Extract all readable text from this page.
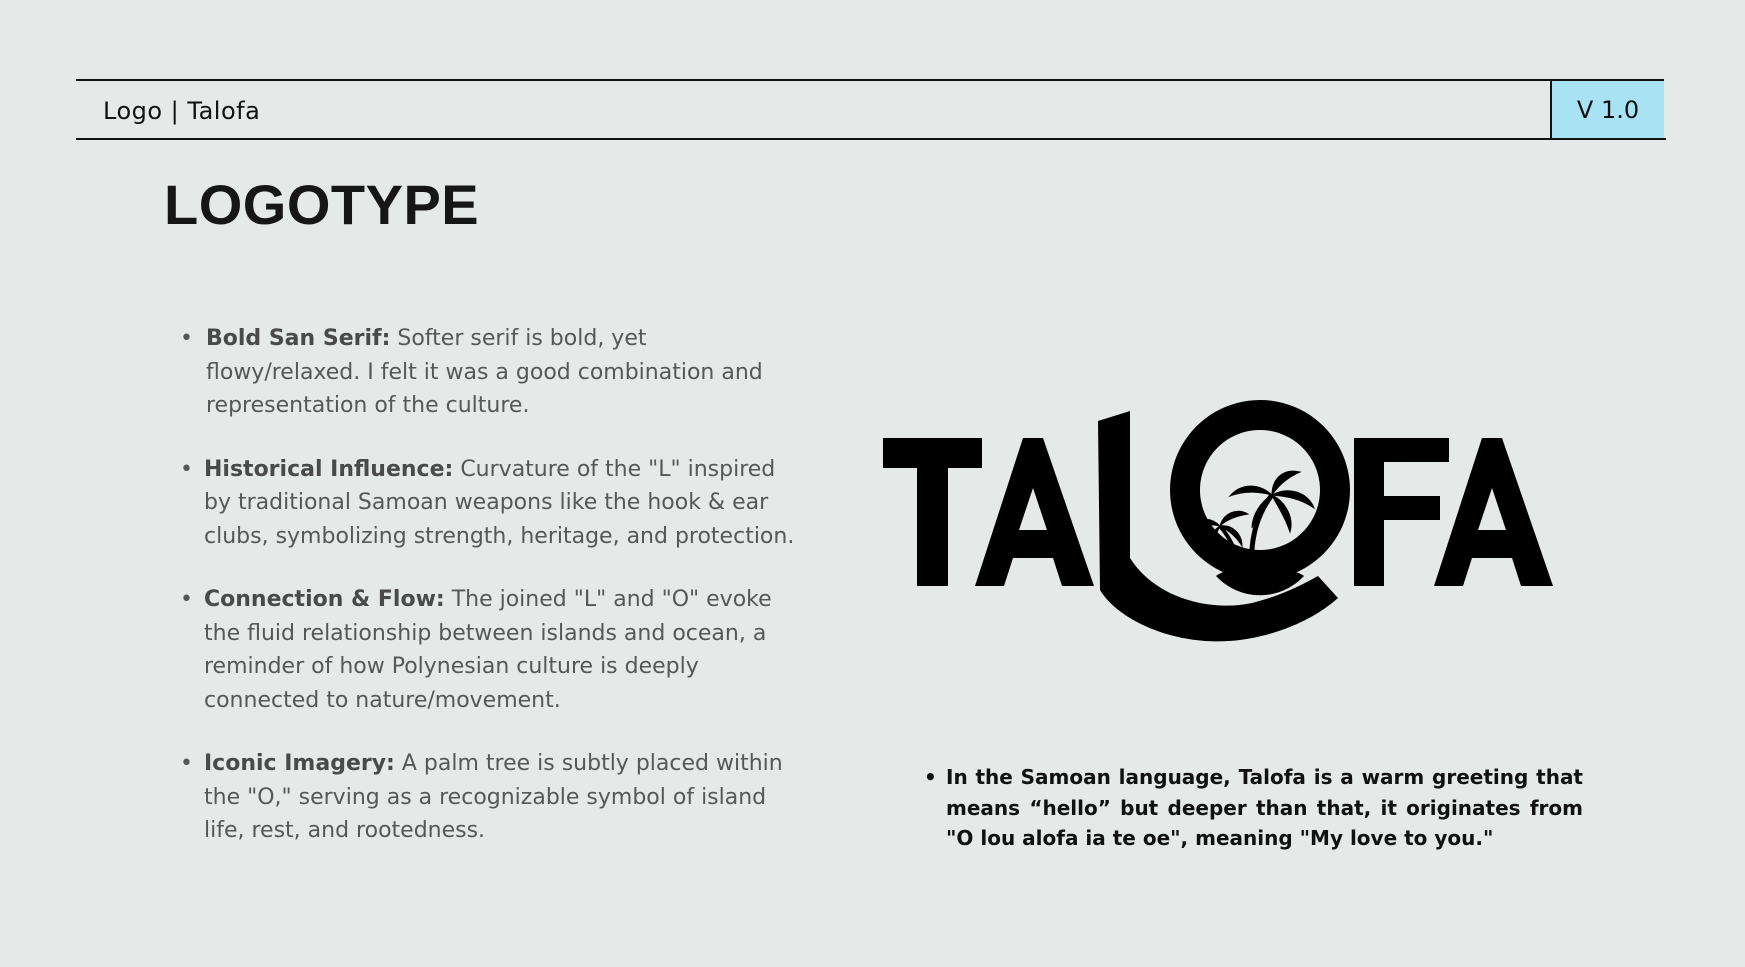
Logo | Talofa	V 1.0
LOGOTYPE
• Bold San Serif: Softer serif is bold, yet flowy/relaxed. I felt it was a good combination and representation of the culture.
• Historical Influence: Curvature of the "L" inspired by traditional Samoan weapons like the hook & ear clubs, symbolizing strength, heritage, and protection.
• Connection & Flow: The joined "L" and "O" evoke the fluid relationship between islands and ocean, a reminder of how Polynesian culture is deeply connected to nature/movement.
• Iconic Imagery: A palm tree is subtly placed within the "O," serving as a recognizable symbol of island life, rest, and rootedness.
• In the Samoan language, Talofa is a warm greeting that means “hello” but deeper than that, it originates from "O lou alofa ia te oe", meaning "My love to you."
